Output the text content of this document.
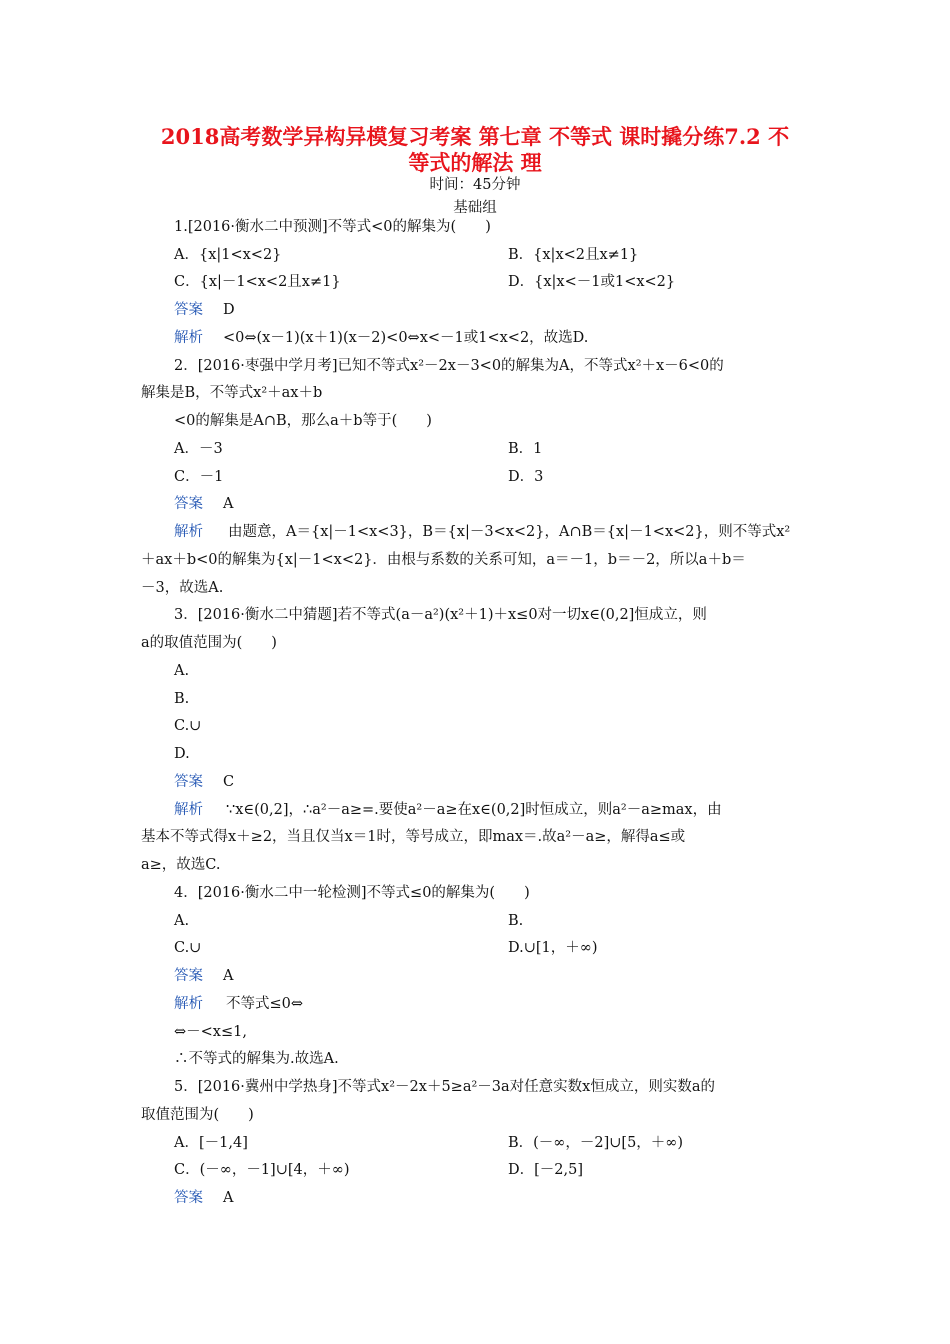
2018高考数学异构异模复习考案 第七章 不等式 课时撬分练7.2 不
等式的解法 理
时间：45分钟
基础组
1.[2016·衡水二中预测]不等式<0的解集为(　　)
A．{x|1<x<2}	B．{x|x<2且x≠1}
C．{x|－1<x<2且x≠1}	D．{x|x<－1或1<x<2}
答案 D
解析 <0⇔(x－1)(x＋1)(x－2)<0⇔x<－1或1<x<2，故选D.
2．[2016·枣强中学月考]已知不等式x²－2x－3<0的解集为A，不等式x²＋x－6<0的
解集是B，不等式x²＋ax＋b
<0的解集是A∩B，那么a＋b等于(　　)
A．－3	B．1
C．－1	D．3
答案 A
解析 由题意，A＝{x|－1<x<3}，B＝{x|－3<x<2}，A∩B＝{x|－1<x<2}，则不等式x²
＋ax＋b<0的解集为{x|－1<x<2}．由根与系数的关系可知，a＝－1，b＝－2，所以a＋b＝
－3，故选A.
3．[2016·衡水二中猜题]若不等式(a－a²)(x²＋1)＋x≤0对一切x∈(0,2]恒成立，则
a的取值范围为(　　)
A.
B.
C.∪
D.
答案 C
解析 ∵x∈(0,2]，∴a²－a≥=.要使a²－a≥在x∈(0,2]时恒成立，则a²－a≥max，由
基本不等式得x＋≥2，当且仅当x＝1时，等号成立，即max＝.故a²－a≥，解得a≤或
a≥，故选C.
4．[2016·衡水二中一轮检测]不等式≤0的解集为(　　)
A.	B.
C.∪	D.∪[1，＋∞)
答案 A
解析 不等式≤0⇔
⇔－<x≤1,
∴不等式的解集为.故选A.
5．[2016·冀州中学热身]不等式x²－2x＋5≥a²－3a对任意实数x恒成立，则实数a的
取值范围为(　　)
A．[－1,4]	B．(－∞，－2]∪[5，＋∞)
C．(－∞，－1]∪[4，＋∞)	D．[－2,5]
答案 A
